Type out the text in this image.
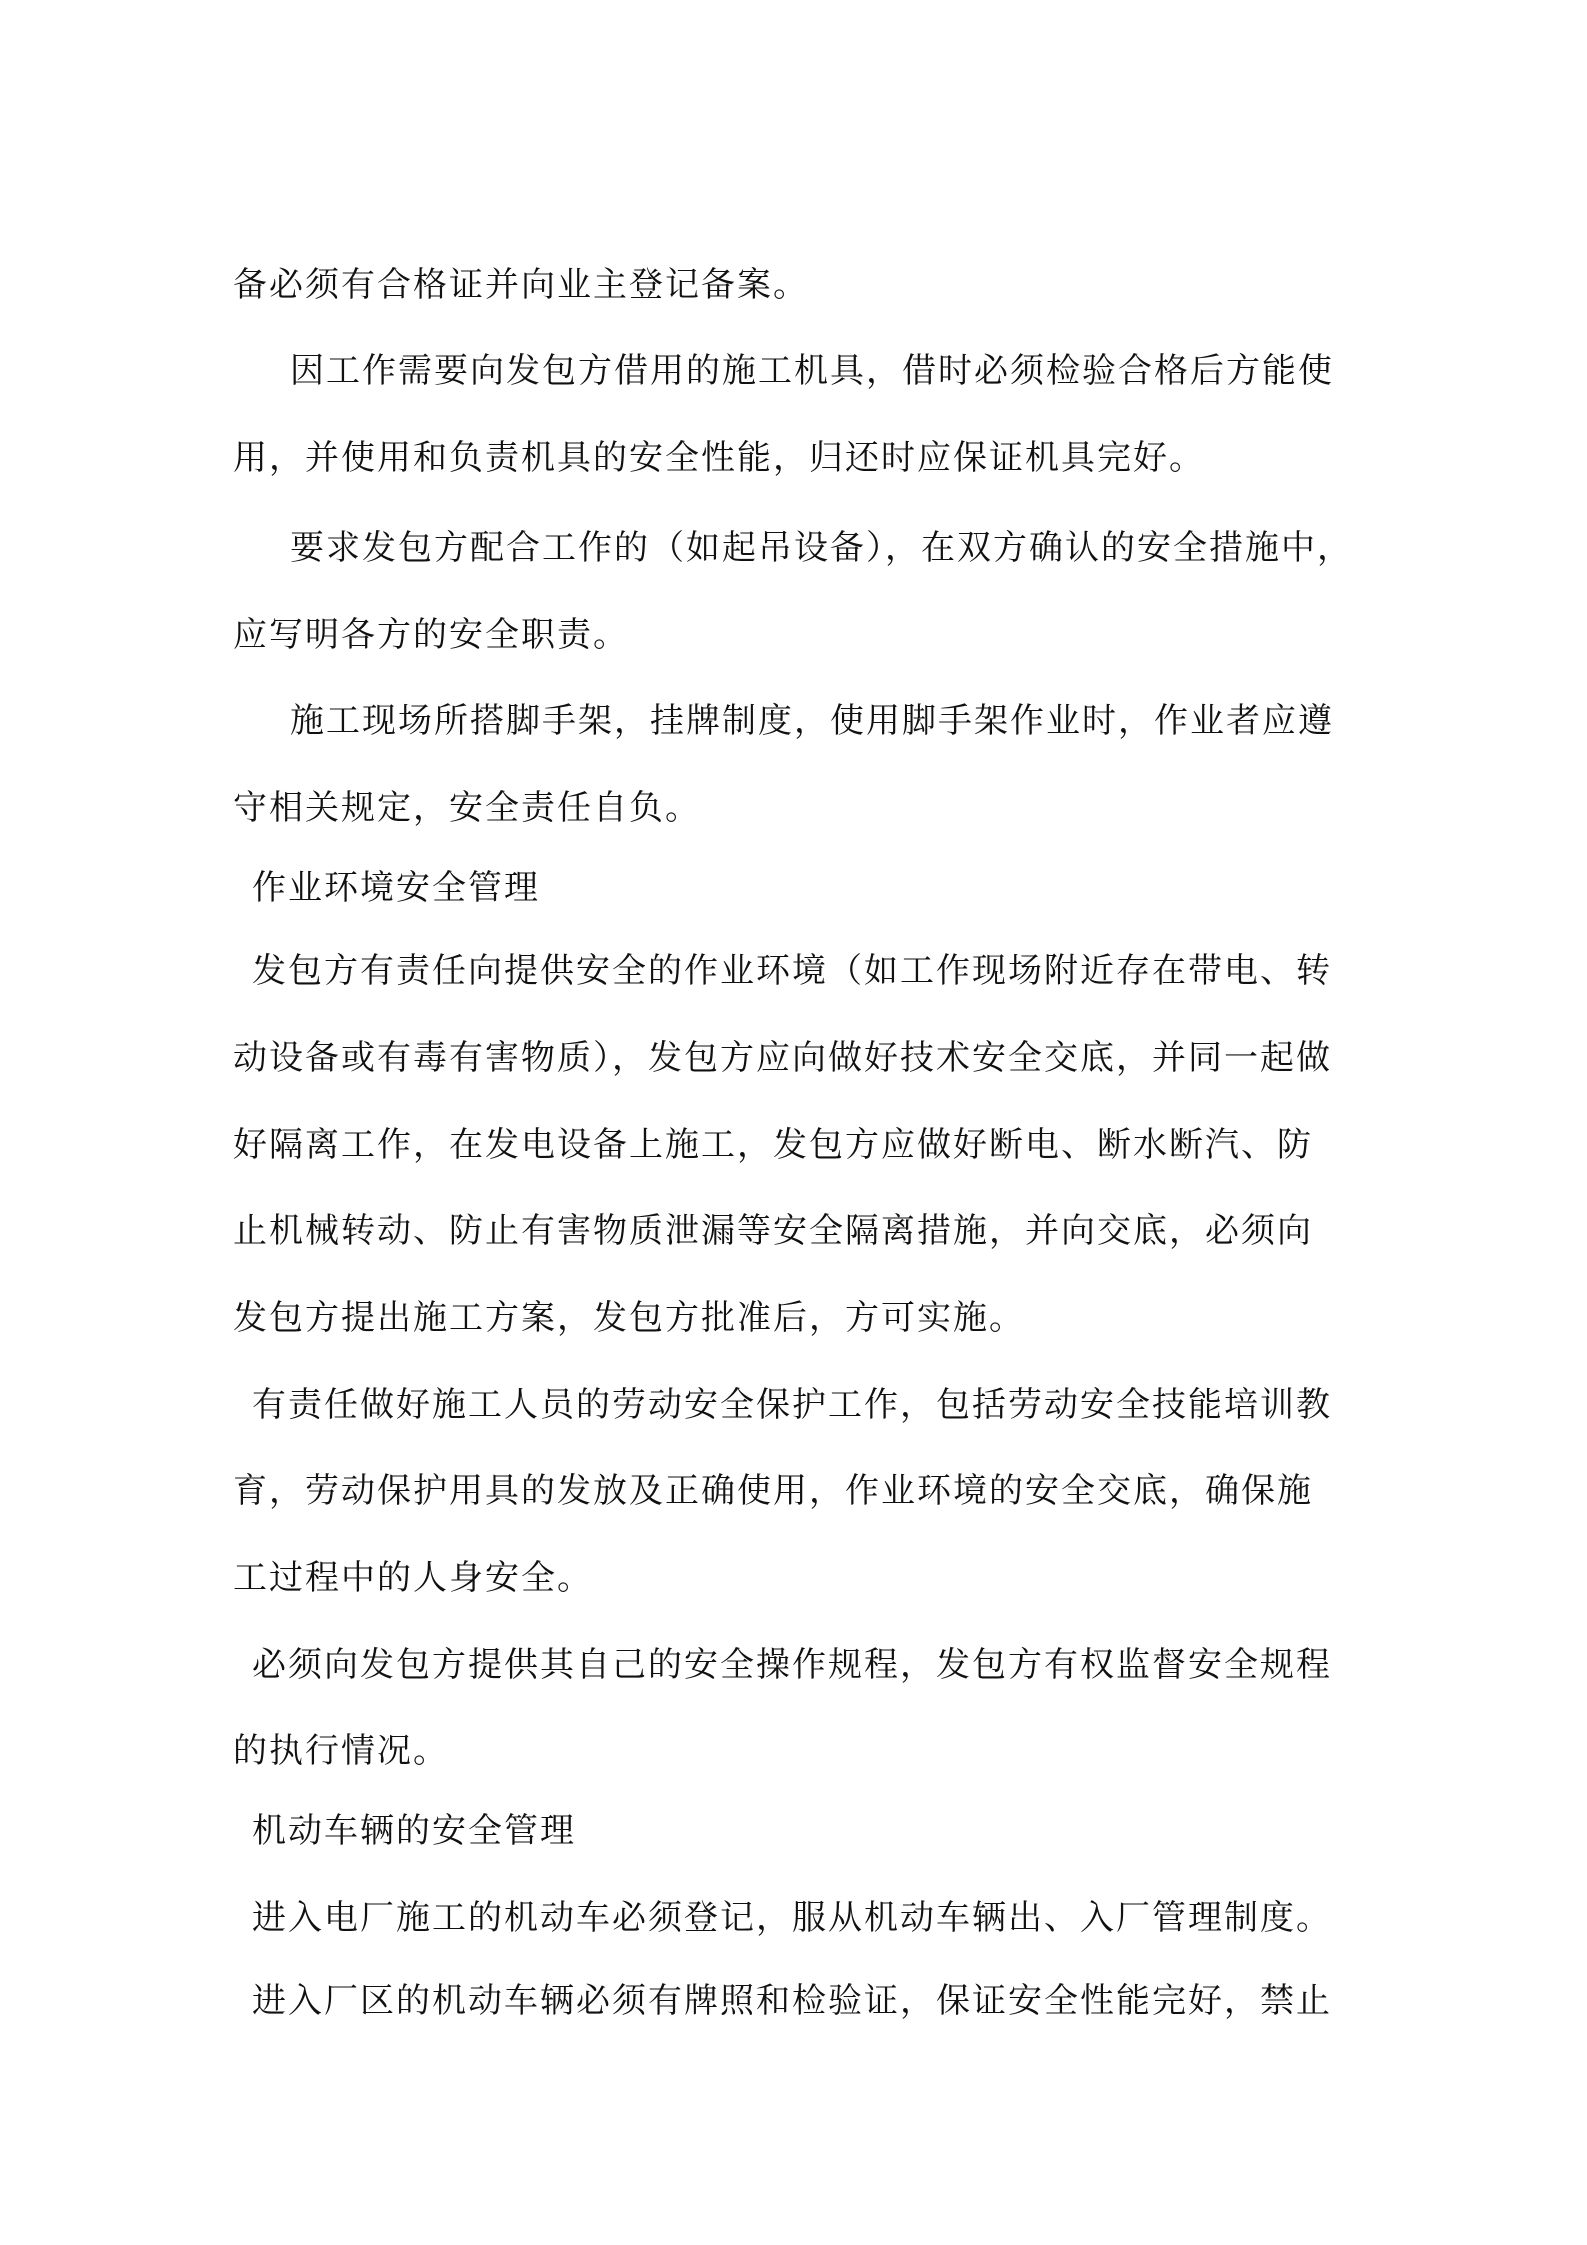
备必须有合格证并向业主登记备案。
因工作需要向发包方借用的施工机具，借时必须检验合格后方能使
用，并使用和负责机具的安全性能，归还时应保证机具完好。
要求发包方配合工作的（如起吊设备），在双方确认的安全措施中，
应写明各方的安全职责。
施工现场所搭脚手架，挂牌制度，使用脚手架作业时，作业者应遵
守相关规定，安全责任自负。
作业环境安全管理
发包方有责任向提供安全的作业环境（如工作现场附近存在带电、转
动设备或有毒有害物质），发包方应向做好技术安全交底，并同一起做
好隔离工作，在发电设备上施工，发包方应做好断电、断水断汽、防
止机械转动、防止有害物质泄漏等安全隔离措施，并向交底，必须向
发包方提出施工方案，发包方批准后，方可实施。
有责任做好施工人员的劳动安全保护工作，包括劳动安全技能培训教
育，劳动保护用具的发放及正确使用，作业环境的安全交底，确保施
工过程中的人身安全。
必须向发包方提供其自己的安全操作规程，发包方有权监督安全规程
的执行情况。
机动车辆的安全管理
进入电厂施工的机动车必须登记，服从机动车辆出、入厂管理制度。
进入厂区的机动车辆必须有牌照和检验证，保证安全性能完好，禁止
